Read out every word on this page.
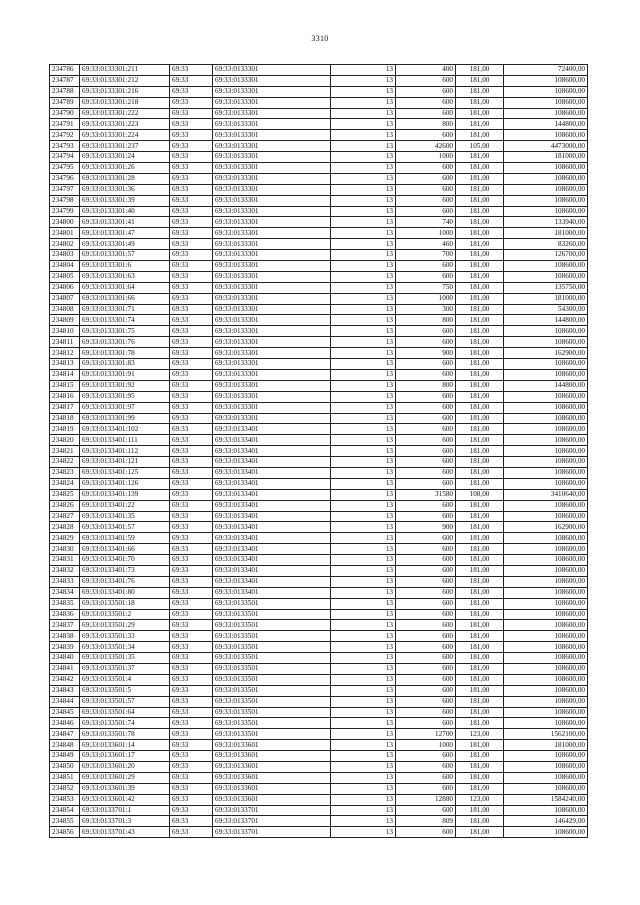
3310
234786	69:33:0133301:211	69:33	69:33:0133301	13	400	181,00	72400,00
234787	69:33:0133301:212	69:33	69:33:0133301	13	600	181,00	108600,00
234788	69:33:0133301:216	69:33	69:33:0133301	13	600	181,00	108600,00
234789	69:33:0133301:218	69:33	69:33:0133301	13	600	181,00	108600,00
234790	69:33:0133301:222	69:33	69:33:0133301	13	600	181,00	108600,00
234791	69:33:0133301:223	69:33	69:33:0133301	13	800	181,00	144800,00
234792	69:33:0133301:224	69:33	69:33:0133301	13	600	181,00	108600,00
234793	69:33:0133301:237	69:33	69:33:0133301	13	42600	105,00	4473000,00
234794	69:33:0133301:24	69:33	69:33:0133301	13	1000	181,00	181000,00
234795	69:33:0133301:26	69:33	69:33:0133301	13	600	181,00	108600,00
234796	69:33:0133301:28	69:33	69:33:0133301	13	600	181,00	108600,00
234797	69:33:0133301:36	69:33	69:33:0133301	13	600	181,00	108600,00
234798	69:33:0133301:39	69:33	69:33:0133301	13	600	181,00	108600,00
234799	69:33:0133301:40	69:33	69:33:0133301	13	600	181,00	108600,00
234800	69:33:0133301:41	69:33	69:33:0133301	13	740	181,00	133940,00
234801	69:33:0133301:47	69:33	69:33:0133301	13	1000	181,00	181000,00
234802	69:33:0133301:49	69:33	69:33:0133301	13	460	181,00	83260,00
234803	69:33:0133301:57	69:33	69:33:0133301	13	700	181,00	126700,00
234804	69:33:0133301:6	69:33	69:33:0133301	13	600	181,00	108600,00
234805	69:33:0133301:63	69:33	69:33:0133301	13	600	181,00	108600,00
234806	69:33:0133301:64	69:33	69:33:0133301	13	750	181,00	135750,00
234807	69:33:0133301:66	69:33	69:33:0133301	13	1000	181,00	181000,00
234808	69:33:0133301:71	69:33	69:33:0133301	13	300	181,00	54300,00
234809	69:33:0133301:74	69:33	69:33:0133301	13	800	181,00	144800,00
234810	69:33:0133301:75	69:33	69:33:0133301	13	600	181,00	108600,00
234811	69:33:0133301:76	69:33	69:33:0133301	13	600	181,00	108600,00
234812	69:33:0133301:78	69:33	69:33:0133301	13	900	181,00	162900,00
234813	69:33:0133301:83	69:33	69:33:0133301	13	600	181,00	108600,00
234814	69:33:0133301:91	69:33	69:33:0133301	13	600	181,00	108600,00
234815	69:33:0133301:92	69:33	69:33:0133301	13	800	181,00	144800,00
234816	69:33:0133301:95	69:33	69:33:0133301	13	600	181,00	108600,00
234817	69:33:0133301:97	69:33	69:33:0133301	13	600	181,00	108600,00
234818	69:33:0133301:99	69:33	69:33:0133301	13	600	181,00	108600,00
234819	69:33:0133401:102	69:33	69:33:0133401	13	600	181,00	108600,00
234820	69:33:0133401:111	69:33	69:33:0133401	13	600	181,00	108600,00
234821	69:33:0133401:112	69:33	69:33:0133401	13	600	181,00	108600,00
234822	69:33:0133401:121	69:33	69:33:0133401	13	600	181,00	108600,00
234823	69:33:0133401:125	69:33	69:33:0133401	13	600	181,00	108600,00
234824	69:33:0133401:126	69:33	69:33:0133401	13	600	181,00	108600,00
234825	69:33:0133401:139	69:33	69:33:0133401	13	31580	108,00	3410640,00
234826	69:33:0133401:22	69:33	69:33:0133401	13	600	181,00	108600,00
234827	69:33:0133401:35	69:33	69:33:0133401	13	600	181,00	108600,00
234828	69:33:0133401:57	69:33	69:33:0133401	13	900	181,00	162900,00
234829	69:33:0133401:59	69:33	69:33:0133401	13	600	181,00	108600,00
234830	69:33:0133401:66	69:33	69:33:0133401	13	600	181,00	108600,00
234831	69:33:0133401:70	69:33	69:33:0133401	13	600	181,00	108600,00
234832	69:33:0133401:73	69:33	69:33:0133401	13	600	181,00	108600,00
234833	69:33:0133401:76	69:33	69:33:0133401	13	600	181,00	108600,00
234834	69:33:0133401:80	69:33	69:33:0133401	13	600	181,00	108600,00
234835	69:33:0133501:18	69:33	69:33:0133501	13	600	181,00	108600,00
234836	69:33:0133501:2	69:33	69:33:0133501	13	600	181,00	108600,00
234837	69:33:0133501:29	69:33	69:33:0133501	13	600	181,00	108600,00
234838	69:33:0133501:33	69:33	69:33:0133501	13	600	181,00	108600,00
234839	69:33:0133501:34	69:33	69:33:0133501	13	600	181,00	108600,00
234840	69:33:0133501:35	69:33	69:33:0133501	13	600	181,00	108600,00
234841	69:33:0133501:37	69:33	69:33:0133501	13	600	181,00	108600,00
234842	69:33:0133501:4	69:33	69:33:0133501	13	600	181,00	108600,00
234843	69:33:0133501:5	69:33	69:33:0133501	13	600	181,00	108600,00
234844	69:33:0133501:57	69:33	69:33:0133501	13	600	181,00	108600,00
234845	69:33:0133501:64	69:33	69:33:0133501	13	600	181,00	108600,00
234846	69:33:0133501:74	69:33	69:33:0133501	13	600	181,00	108600,00
234847	69:33:0133501:78	69:33	69:33:0133501	13	12700	123,00	1562100,00
234848	69:33:0133601:14	69:33	69:33:0133601	13	1000	181,00	181000,00
234849	69:33:0133601:17	69:33	69:33:0133601	13	600	181,00	108600,00
234850	69:33:0133601:20	69:33	69:33:0133601	13	600	181,00	108600,00
234851	69:33:0133601:29	69:33	69:33:0133601	13	600	181,00	108600,00
234852	69:33:0133601:39	69:33	69:33:0133601	13	600	181,00	108600,00
234853	69:33:0133601:42	69:33	69:33:0133601	13	12880	123,00	1584240,00
234854	69:33:0133701:1	69:33	69:33:0133701	13	600	181,00	108600,00
234855	69:33:0133701:3	69:33	69:33:0133701	13	809	181,00	146429,00
234856	69:33:0133701:43	69:33	69:33:0133701	13	600	181,00	108600,00
